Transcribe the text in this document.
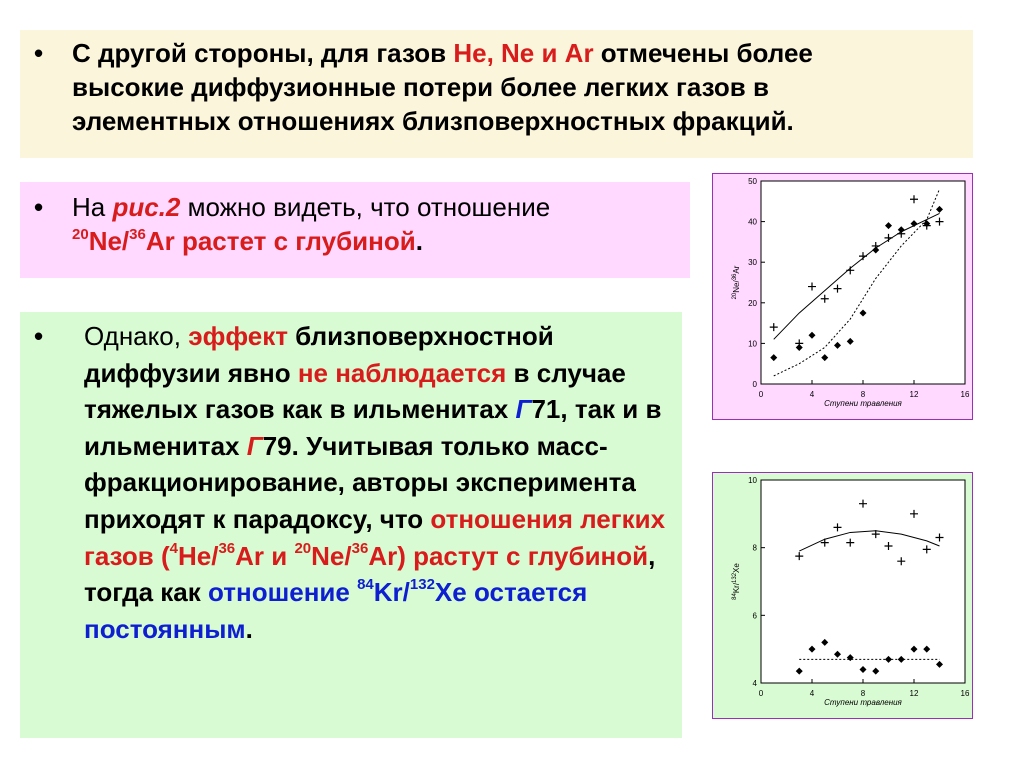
•	С другой стороны, для газов He, Ne и Ar отмечены более
высокие диффузионные потери более легких газов в
элементных отношениях близповерхностных фракций.
•	На рис.2 можно видеть, что отношение
$^{20}$Ne/$^{36}$Ar растет с глубиной.
•	Однако, эффект близповерхностной диффузии явно не наблюдается в случае тяжелых газов как в ильменитах Г71, так и в ильменитах Г79. Учитывая только масс-фракционирование, авторы эксперимента приходят к парадоксу, что отношения легких газов ($^4$He/$^{36}$Ar и $^{20}$Ne/$^{36}$Ar) растут с глубиной, тогда как отношение $^{84}$Kr/$^{132}$Xe остается постоянным.
0	4	8	12	16
0
10
20
30
40
50
Ступени травления
$^{20}$Ne/$^{36}$Ar
0	4	8	12	16
4
6
8
10
Ступени травления
$^{84}$Kr/$^{132}$Xe
